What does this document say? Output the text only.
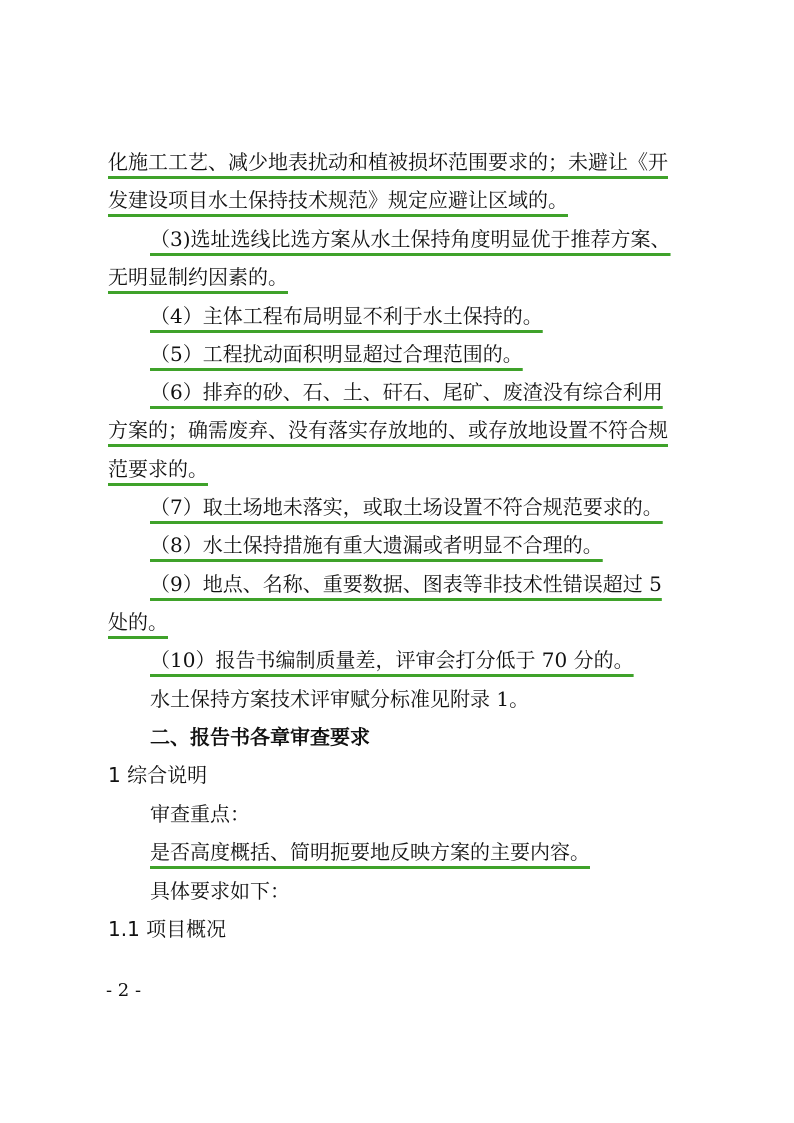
化施工工艺、减少地表扰动和植被损坏范围要求的；未避让《开
发建设项目水土保持技术规范》规定应避让区域的。
（3)选址选线比选方案从水土保持角度明显优于推荐方案、
无明显制约因素的。
（4）主体工程布局明显不利于水土保持的。
（5）工程扰动面积明显超过合理范围的。
（6）排弃的砂、石、土、矸石、尾矿、废渣没有综合利用
方案的；确需废弃、没有落实存放地的、或存放地设置不符合规
范要求的。
（7）取土场地未落实，或取土场设置不符合规范要求的。
（8）水土保持措施有重大遗漏或者明显不合理的。
（9）地点、名称、重要数据、图表等非技术性错误超过 5
处的。
（10）报告书编制质量差，评审会打分低于 70 分的。
水土保持方案技术评审赋分标准见附录 1。
二、报告书各章审查要求
1 综合说明
审查重点：
是否高度概括、简明扼要地反映方案的主要内容。
具体要求如下：
1.1 项目概况
- 2 -
